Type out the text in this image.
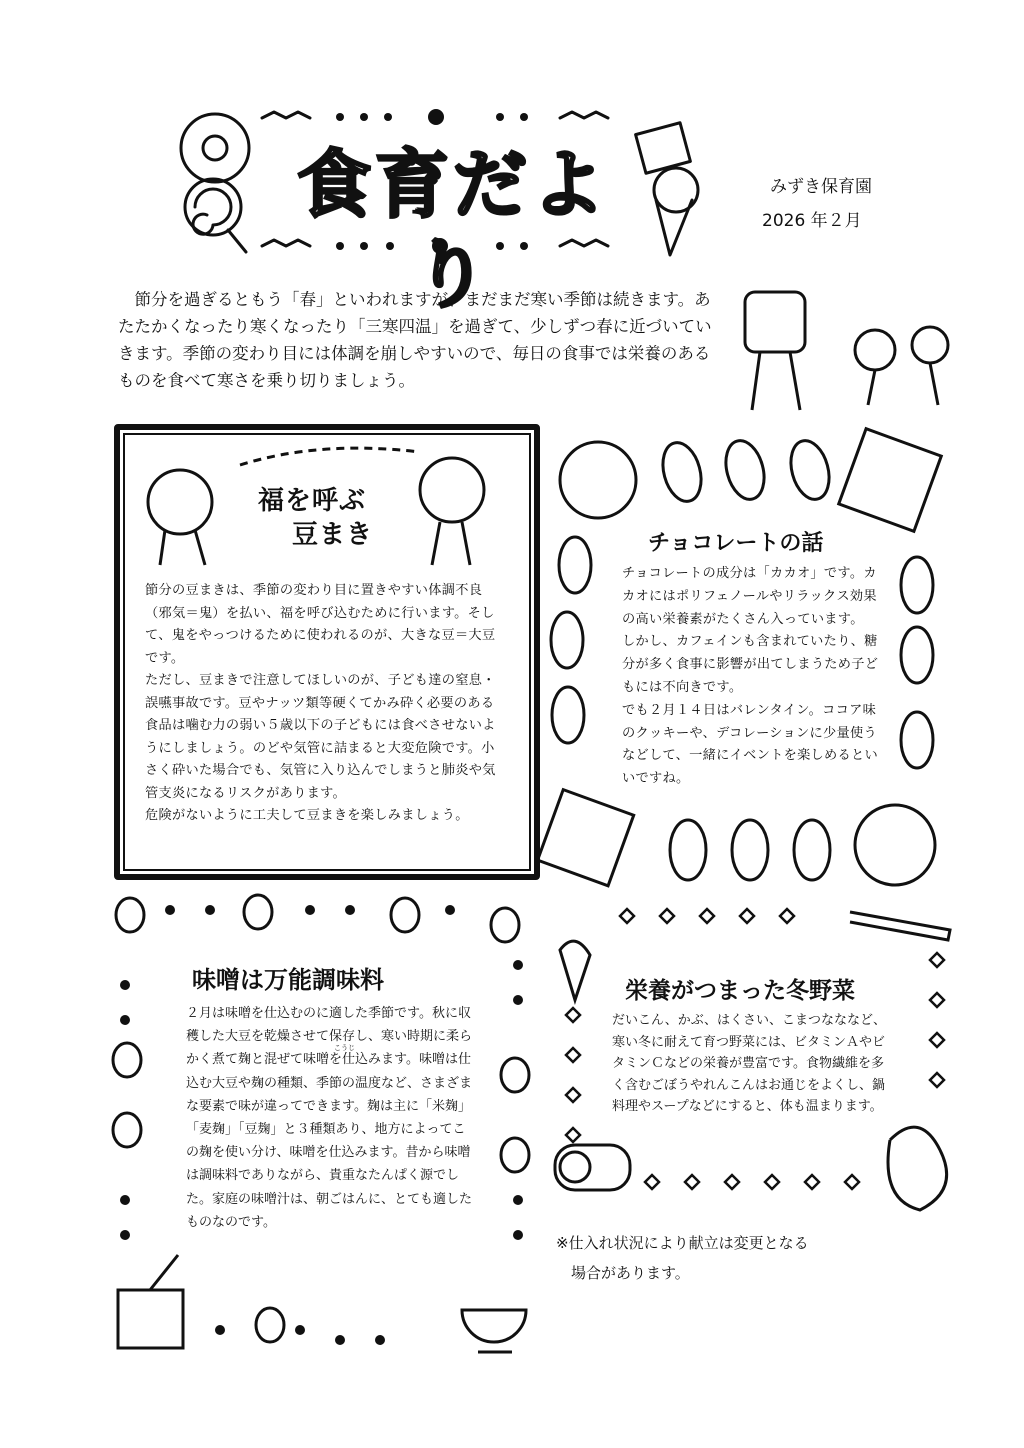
食育だより
みずき保育園
2026 年２月
　節分を過ぎるともう「春」といわれますが、まだまだ寒い季節は続きます。あたたかくなったり寒くなったり「三寒四温」を過ぎて、少しずつ春に近づいていきます。季節の変わり目には体調を崩しやすいので、毎日の食事では栄養のあるものを食べて寒さを乗り切りましょう。
福を呼ぶ
豆まき
節分の豆まきは、季節の変わり目に置きやすい体調不良（邪気＝鬼）を払い、福を呼び込むために行います。そして、鬼をやっつけるために使われるのが、大きな豆＝大豆です。
ただし、豆まきで注意してほしいのが、子ども達の窒息・誤嚥事故です。豆やナッツ類等硬くてかみ砕く必要のある食品は噛む力の弱い５歳以下の子どもには食べさせないようにしましょう。のどや気管に詰まると大変危険です。小さく砕いた場合でも、気管に入り込んでしまうと肺炎や気管支炎になるリスクがあります。
危険がないように工夫して豆まきを楽しみましょう。
チョコレートの話
チョコレートの成分は「カカオ」です。カカオにはポリフェノールやリラックス効果の高い栄養素がたくさん入っています。
しかし、カフェインも含まれていたり、糖分が多く食事に影響が出てしまうため子どもには不向きです。
でも２月１４日はバレンタイン。ココア味のクッキーや、デコレーションに少量使うなどして、一緒にイベントを楽しめるといいですね。
味噌は万能調味料
こうじ
２月は味噌を仕込むのに適した季節です。秋に収穫した大豆を乾燥させて保存し、寒い時期に柔らかく煮て麹と混ぜて味噌を仕込みます。味噌は仕込む大豆や麹の種類、季節の温度など、さまざまな要素で味が違ってできます。麹は主に「米麹」「麦麹」「豆麹」と３種類あり、地方によってこの麹を使い分け、味噌を仕込みます。昔から味噌は調味料でありながら、貴重なたんぱく源でした。家庭の味噌汁は、朝ごはんに、とても適したものなのです。
栄養がつまった冬野菜
だいこん、かぶ、はくさい、こまつなななど、寒い冬に耐えて育つ野菜には、ビタミンＡやビタミンＣなどの栄養が豊富です。食物繊維を多く含むごぼうやれんこんはお通じをよくし、鍋料理やスープなどにすると、体も温まります。
※仕入れ状況により献立は変更となる
　場合があります。
